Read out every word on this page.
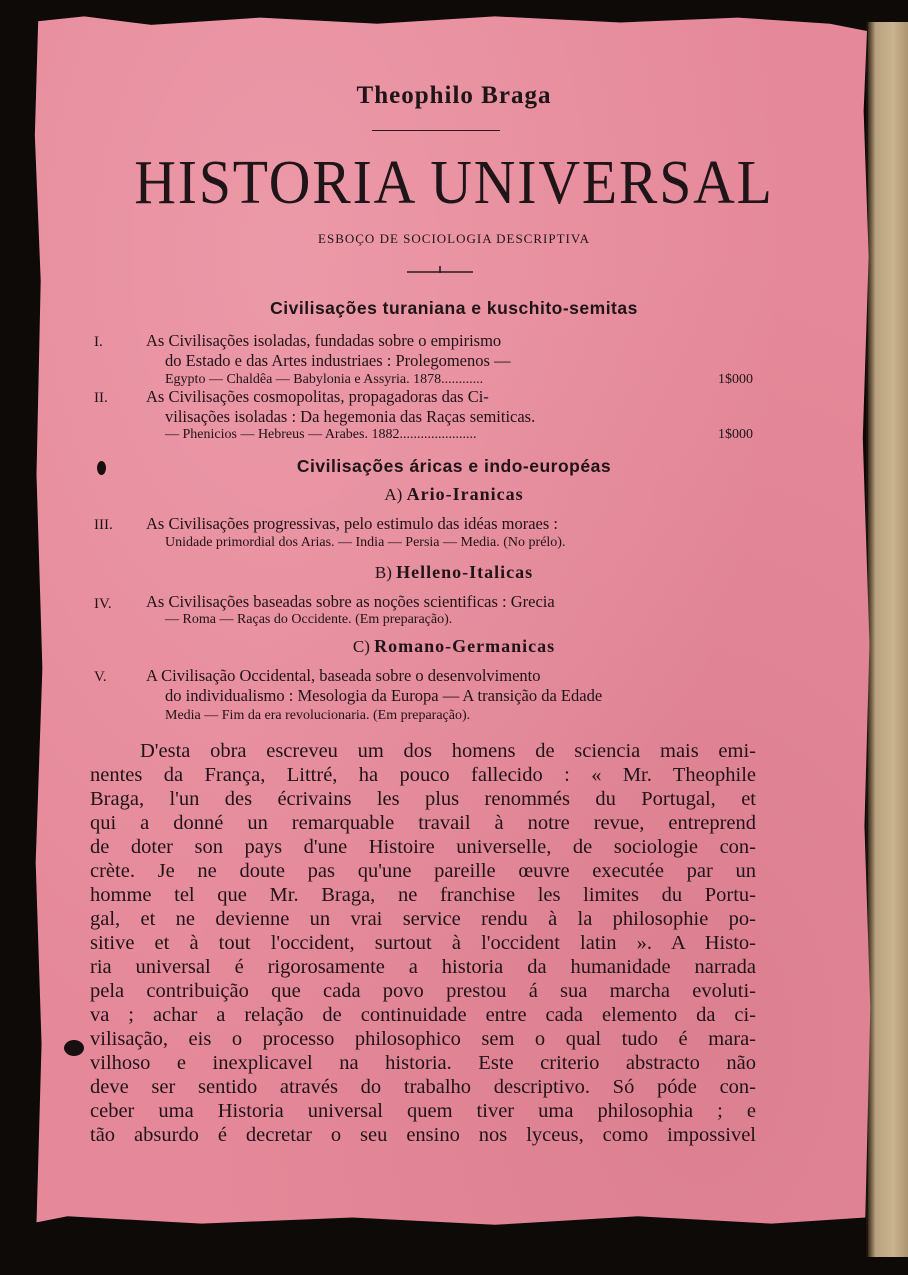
Theophilo Braga
HISTORIA UNIVERSAL
ESBOÇO DE SOCIOLOGIA DESCRIPTIVA
Civilisações turaniana e kuschito-semitas
I.	As Civilisações isoladas, fundadas sobre o empirismo
do Estado e das Artes industriaes : Prolegomenos —
Egypto — Chaldêa — Babylonia e Assyria. 1878............	1$000
II. As Civilisações cosmopolitas, propagadoras das Ci-
vilisações isoladas : Da hegemonia das Raças semiticas.
— Phenicios — Hebreus — Arabes. 1882......................	1$000
Civilisações áricas e indo-européas
A) Ario-Iranicas
III. As Civilisações progressivas, pelo estimulo das idéas moraes :
Unidade primordial dos Arias. — India — Persia — Media. (No prélo).
B) Helleno-Italicas
IV. As Civilisações baseadas sobre as noções scientificas : Grecia
— Roma — Raças do Occidente. (Em preparação).
C) Romano-Germanicas
V. A Civilisação Occidental, baseada sobre o desenvolvimento
do individualismo : Mesologia da Europa — A transição da Edade
Media — Fim da era revolucionaria. (Em preparação).
D'esta obra escreveu um dos homens de sciencia mais emi-
nentes da França, Littré, ha pouco fallecido : « Mr. Theophile
Braga, l'un des écrivains les plus renommés du Portugal, et
qui a donné un remarquable travail à notre revue, entreprend
de doter son pays d'une Histoire universelle, de sociologie con-
crète. Je ne doute pas qu'une pareille œuvre executée par un
homme tel que Mr. Braga, ne franchise les limites du Portu-
gal, et ne devienne un vrai service rendu à la philosophie po-
sitive et à tout l'occident, surtout à l'occident latin ». A Histo-
ria universal é rigorosamente a historia da humanidade narrada
pela contribuição que cada povo prestou á sua marcha evoluti-
va ; achar a relação de continuidade entre cada elemento da ci-
vilisação, eis o processo philosophico sem o qual tudo é mara-
vilhoso e inexplicavel na historia. Este criterio abstracto não
deve ser sentido através do trabalho descriptivo. Só póde con-
ceber uma Historia universal quem tiver uma philosophia ; e
tão absurdo é decretar o seu ensino nos lyceus, como impossivel
